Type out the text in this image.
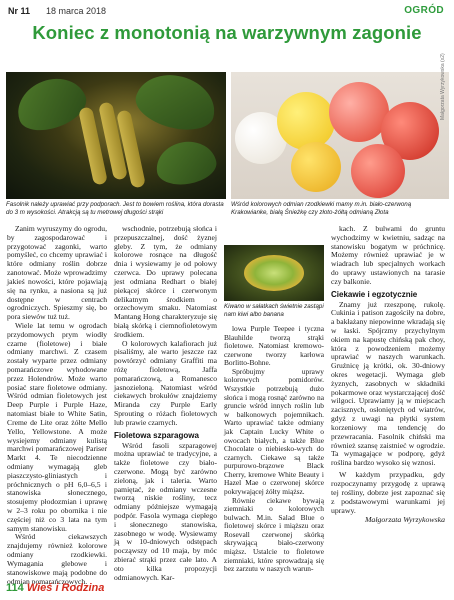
Nr 11 18 marca 2018	OGRÓD
Koniec z monotonią na warzywnym zagonie
Małgorzata Wyrzykowska (x2)
Fasolnik należy uprawiać przy podporach. Jest to bowiem roślina, która dorasta do 3 m wysokości. Atrakcją są tu metrowej długości strąki
Wśród kolorowych odmian rzodkiewki mamy m.in. biało-czerwoną Krakowianke, białą Śnieżkę czy złoto-żółtą odmianą Złota

Zanim wyruszymy do ogrodu, by zagospodarować i przygotować zagonki, warto pomyśleć, co chcemy uprawiać i które odmiany roślin dobrze zanotować. Może wprowadzimy jakieś nowości, które pojawiają się na rynku, a nasiona są już dostępne w centrach ogrodniczych. Spieszmy się, bo pora siewów tuż tuż.

Wiele lat temu w ogrodach przydomowych prym wiodły czarne (fioletowe) i białe odmiany marchwi. Z czasem zostały wyparte przez odmiany pomarańczowe wyhodowane przez Holendrów. Może warto posiać stare fioletowe odmiany. Wśród odmian fioletowych jest Deep Purple i Purple Haze, natomiast białe to White Satin, Creme de Lite oraz żółte Mello Yello, Yellowstone. A może wysiejemy odmiany kulistą marchwi pomarańczowej Pariser Markt 4. Te niecodzienne odmiany wymagają gleb piaszczysto-gliniastych i próchnicznych o pH 6,0–6,5 i stanowiska słonecznego, stosujemy płodozmian i uprawę w 2–3 roku po obornika i nie częściej niż co 3 lata na tym samym stanowisku.

Wśród ciekawszych znajdujemy również kolorowe odmiany rzodkiewki. Wymagania glebowe i stanowiskowe mają podobne do odmian pomarańczowych.

wschodnie, potrzebują słońca i przepuszczalnej, dość żyznej gleby. Z tym, że odmiany kolorowe rosnące na długość dnia i wysiewamy je od połowy czerwca. Do uprawy polecana jest odmiana Redhart o białej piekącej skórce i czerwonym delikatnym środkiem o orzechowym smaku. Natomiast Mantang Hong charakteryzuje się białą skórką i ciemnofioletowym środkiem.

O kolorowych kalafiorach już pisaliśmy, ale warto jeszcze raz powtórzyć odmiany Graffiti ma różę fioletową, Jaffa pomarańczową, a Romanesco jasnozieloną. Natomiast wśród ciekawych brokułów znajdziemy Miranda czy Purple Early Sprouting o różach fioletowych lub prawie czarnych.

Fioletowa szparagowa

Wśród fasoli szparagowej można uprawiać te tradycyjne, a także fioletowe czy biało-czerwone. Mogą być zarówno zieloną, jak i taleria. Warto pamiętać, że odmiany wczesne tworzą niskie rośliny, tecz odmiany późniejsze wymagają podpór. Fasola wymaga ciepłego i słonecznego stanowiska, zasobnego w wodę. Wysiewamy ją w 10-dniowych odstępach począwszy od 10 maja, by móc zbierać strąki przez całe lato. A oto kilka propozycji odmianowych. Kar-

Kiwano w sałatkach świetnie zastąpi nam kiwi albo banana

lowa Purple Teepee i tyczna Blauhilde tworzą strąki fioletowe. Natomiast kremowo-czerwone tworzy karłowa Borlitto-Bohne.

Spróbujmy uprawy kolorowych pomidorów. Wszystkie potrzebują dużo słońca i mogą rosnąć zarówno na gruncie wśród innych roślin lub w balkonowych pojemnikach. Warto uprawiać także odmiany jak Captain Lucky White o owocach białych, a także Blue Chocolate o niebiesko-wych do czarnych. Ciekawe są także purpurowo-brązowe Black Cherry, kremowe White Beauty i Hazel Mae o czerwonej skórce pokrywającej żółty miąższ.

Równie ciekawe bywają ziemniaki o kolorowych bulwach. M.in. Salad Blue o fioletowej skórce i miąższu oraz Rosevall czerwonej skórką skrywającą biało-czerwony miąższ. Ustalcie to fioletowe ziemniaki, które sprowadzają się bez zarzutu w naszych warun-

kach. Z bulwami do gruntu wychodzimy w kwietniu, sadząc na stanowisku bogatym w próchnicę. Możemy również uprawiać je w wiadrach lub specjalnych workach do uprawy ustawionych na tarasie czy balkonie.

Ciekawie i egzotycznie

Znamy już rzeszponę, rukolę. Cukinia i patison zagościły na dobre, a bakłażany niepowinne wkradają się w łaski. Spójrzmy przychylnym okiem na kapustę chińską pak choy, która z powodzeniem możemy uprawiać w naszych warunkach. Gruźnicę ją krótki, ok. 30-dniowy okres wegetacji. Wymaga gleb żyznych, zasobnych w składniki pokarmowe oraz wystarczającej dość wilgoci. Uprawiamy ją w miejscach zacisznych, osłoniętych od wiatrów, gdyż z uwagi na płytki system korzeniowy ma tendencję do przewracania. Fasolnik chiński ma również szansę zaistnieć w ogrodzie. Ta wymagające w podporę, gdyż roślina bardzo wysoko się wznosi.

W każdym przypadku, gdy rozpoczynamy przygodę z uprawą tej rośliny, dobrze jest zapoznać się z podstawowymi warunkami jej uprawy.

Małgorzata Wyrzykowska

114 Wieś i Rodzina
